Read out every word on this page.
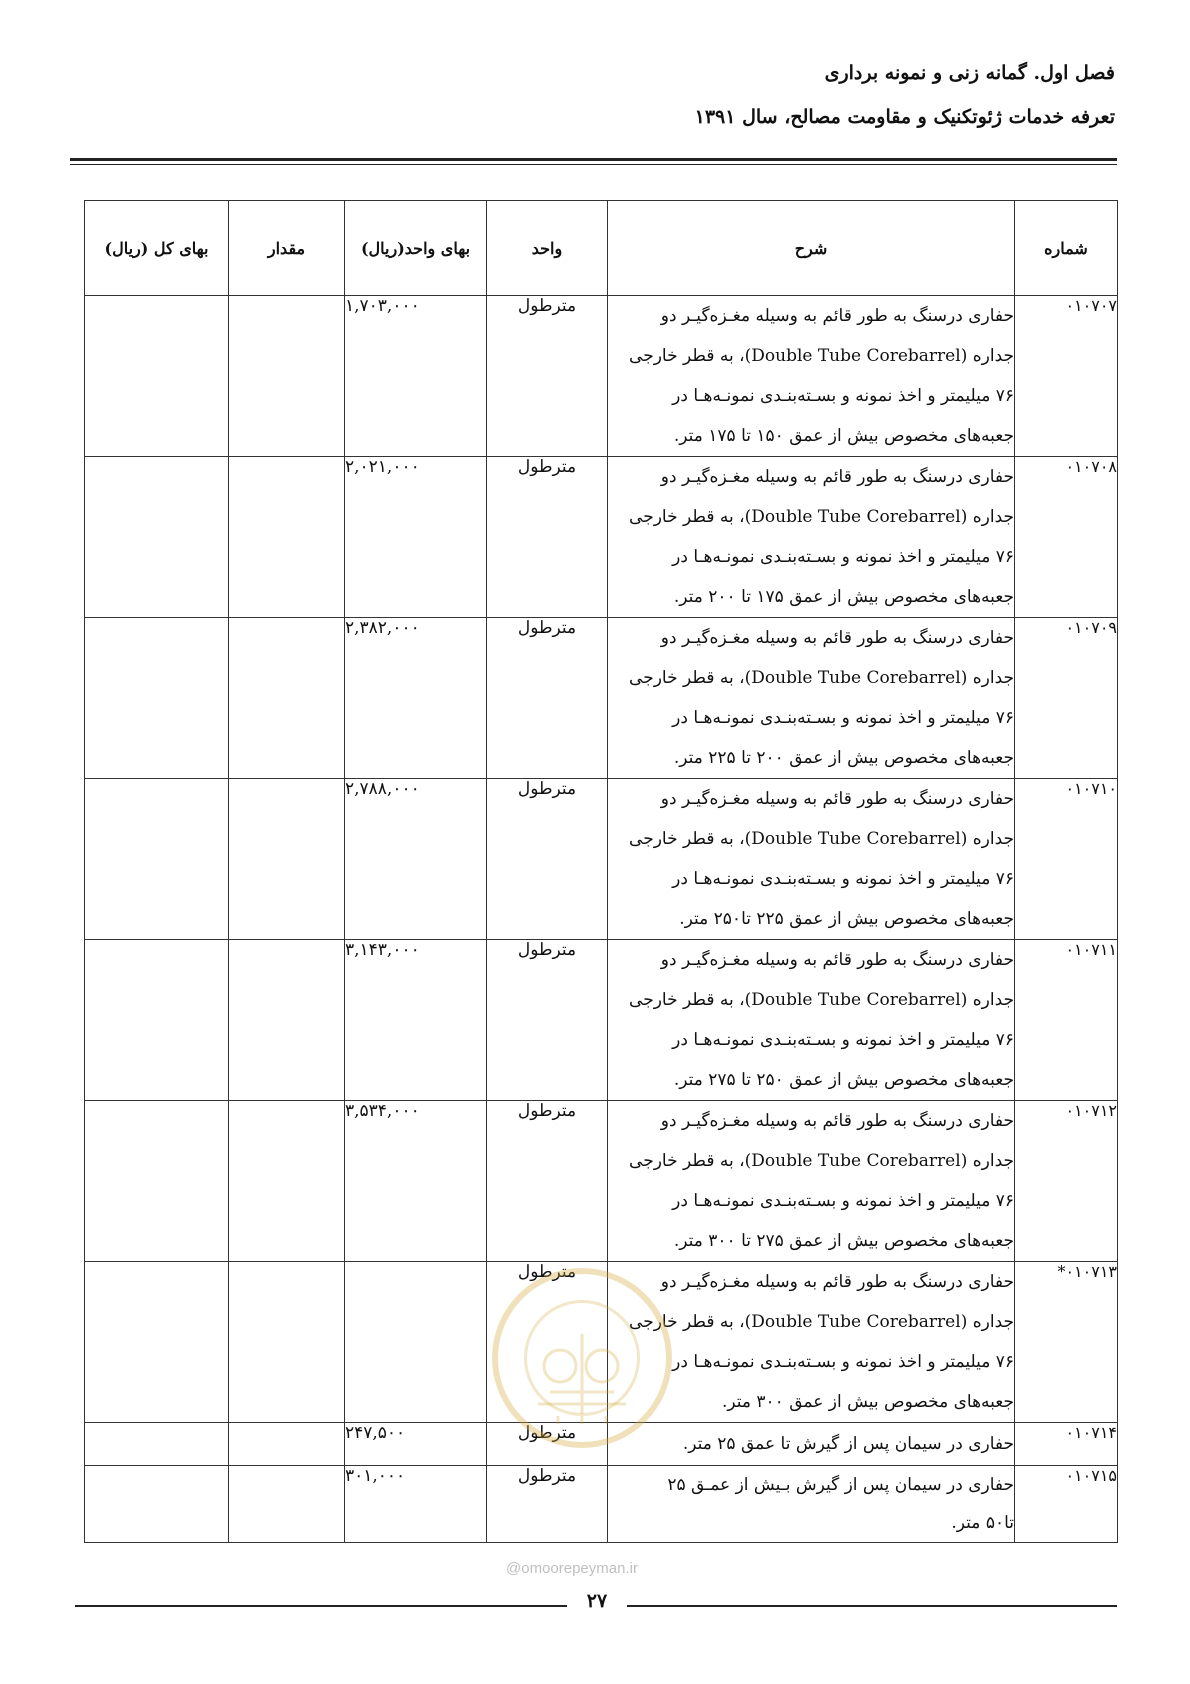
فصل اول. گمانه زنی و نمونه برداری
تعرفه خدمات ژئوتکنیک و مقاومت مصالح، سال ۱۳۹۱
شماره	شرح	واحد	بهای واحد(ریال)	مقدار	بهای کل (ریال)
۰۱۰۷۰۷	حفاری درسنگ به طور قائم به وسیله مغـزه‌گیـر دو
جداره (Double Tube Corebarrel)، به قطر خارجی
۷۶ میلیمتر و اخذ نمونه و بسـته‌بنـدی نمونـه‌هـا در
جعبه‌های مخصوص بیش از عمق ۱۵۰ تا ۱۷۵ متر.	مترطول	۱,۷۰۳,۰۰۰		
۰۱۰۷۰۸	حفاری درسنگ به طور قائم به وسیله مغـزه‌گیـر دو
جداره (Double Tube Corebarrel)، به قطر خارجی
۷۶ میلیمتر و اخذ نمونه و بسـته‌بنـدی نمونـه‌هـا در
جعبه‌های مخصوص بیش از عمق ۱۷۵ تا ۲۰۰ متر.	مترطول	۲,۰۲۱,۰۰۰		
۰۱۰۷۰۹	حفاری درسنگ به طور قائم به وسیله مغـزه‌گیـر دو
جداره (Double Tube Corebarrel)، به قطر خارجی
۷۶ میلیمتر و اخذ نمونه و بسـته‌بنـدی نمونـه‌هـا در
جعبه‌های مخصوص بیش از عمق ۲۰۰ تا ۲۲۵ متر.	مترطول	۲,۳۸۲,۰۰۰		
۰۱۰۷۱۰	حفاری درسنگ به طور قائم به وسیله مغـزه‌گیـر دو
جداره (Double Tube Corebarrel)، به قطر خارجی
۷۶ میلیمتر و اخذ نمونه و بسـته‌بنـدی نمونـه‌هـا در
جعبه‌های مخصوص بیش از عمق ۲۲۵ تا۲۵۰ متر.	مترطول	۲,۷۸۸,۰۰۰		
۰۱۰۷۱۱	حفاری درسنگ به طور قائم به وسیله مغـزه‌گیـر دو
جداره (Double Tube Corebarrel)، به قطر خارجی
۷۶ میلیمتر و اخذ نمونه و بسـته‌بنـدی نمونـه‌هـا در
جعبه‌های مخصوص بیش از عمق ۲۵۰ تا ۲۷۵ متر.	مترطول	۳,۱۴۳,۰۰۰		
۰۱۰۷۱۲	حفاری درسنگ به طور قائم به وسیله مغـزه‌گیـر دو
جداره (Double Tube Corebarrel)، به قطر خارجی
۷۶ میلیمتر و اخذ نمونه و بسـته‌بنـدی نمونـه‌هـا در
جعبه‌های مخصوص بیش از عمق ۲۷۵ تا ۳۰۰ متر.	مترطول	۳,۵۳۴,۰۰۰		
۰۱۰۷۱۳*	حفاری درسنگ به طور قائم به وسیله مغـزه‌گیـر دو
جداره (Double Tube Corebarrel)، به قطر خارجی
۷۶ میلیمتر و اخذ نمونه و بسـته‌بنـدی نمونـه‌هـا در
جعبه‌های مخصوص بیش از عمق ۳۰۰ متر.	مترطول			
۰۱۰۷۱۴	حفاری در سیمان پس از گیرش تا عمق ۲۵ متر.	مترطول	۲۴۷,۵۰۰		
۰۱۰۷۱۵	حفاری در سیمان پس از گیرش بـیش از عمـق ۲۵
تا۵۰ متر.	مترطول	۳۰۱,۰۰۰		
@omoorepeyman.ir
۲۷
